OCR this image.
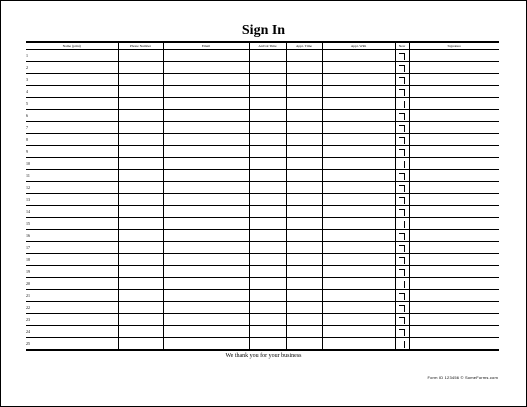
Sign In
Name (print)	Phone Number	Email	Arrival Time	Appt. Time	Appt. With	New	Signature
1							
2							
3							
4							
5							
6							
7							
8							
9							
10							
11							
12							
13							
14							
15							
16							
17							
18							
19							
20							
21							
22							
23							
24							
25							
We thank you for your business
Form ID 123456 © SomeForms.com
